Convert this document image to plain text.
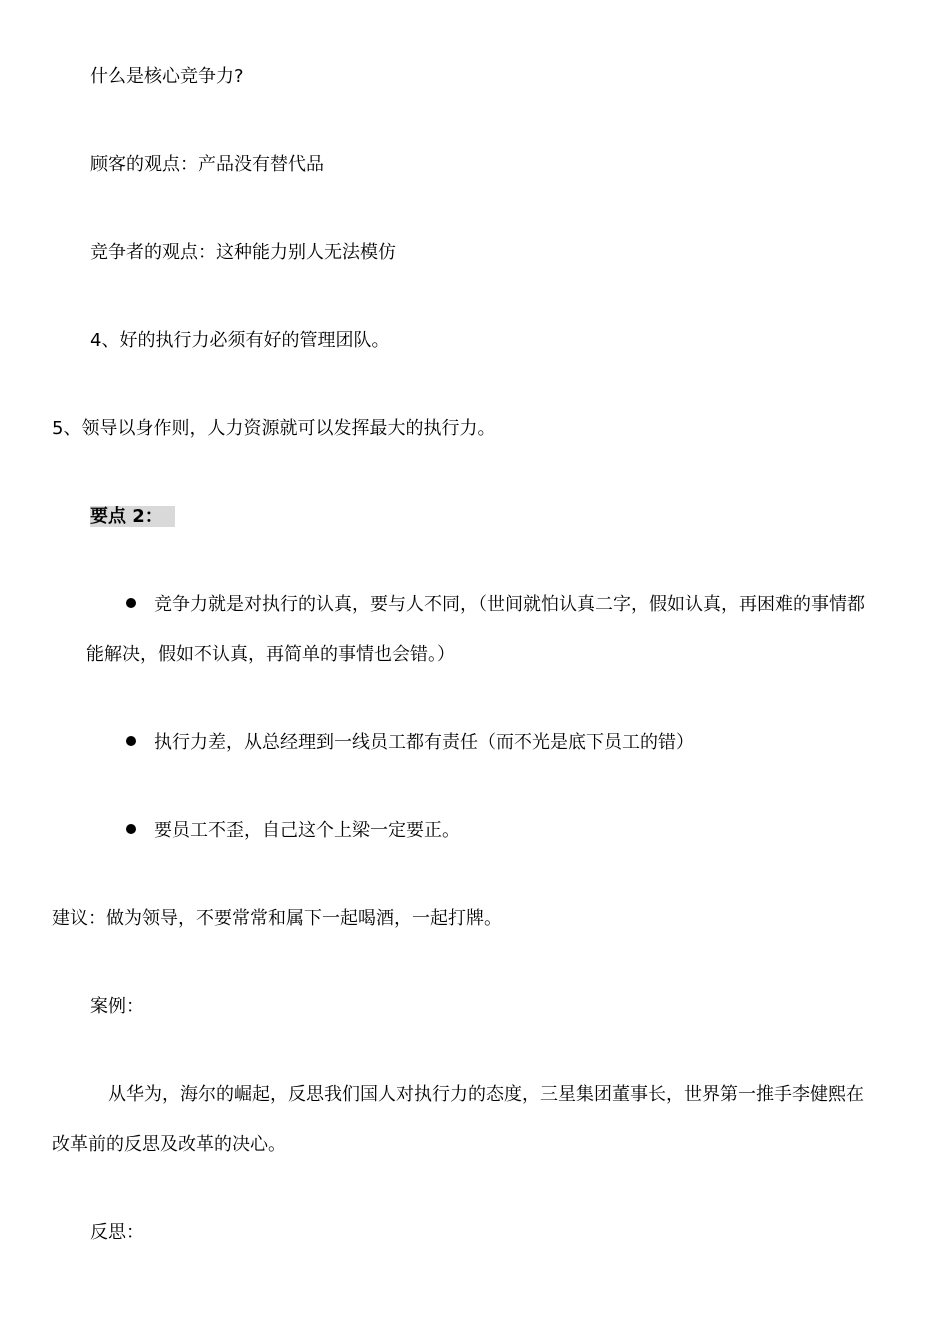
什么是核心竞争力?
顾客的观点：产品没有替代品
竞争者的观点：这种能力别人无法模仿
4、好的执行力必须有好的管理团队。
5、领导以身作则，人力资源就可以发挥最大的执行力。
要点 2：
竞争力就是对执行的认真，要与人不同，（世间就怕认真二字，假如认真，再困难的事情都
能解决，假如不认真，再简单的事情也会错。）
执行力差，从总经理到一线员工都有责任（而不光是底下员工的错）
要员工不歪，自己这个上梁一定要正。
建议：做为领导，不要常常和属下一起喝酒，一起打牌。
案例：
从华为，海尔的崛起，反思我们国人对执行力的态度，三星集团董事长，世界第一推手李健熙在
改革前的反思及改革的决心。
反思：
